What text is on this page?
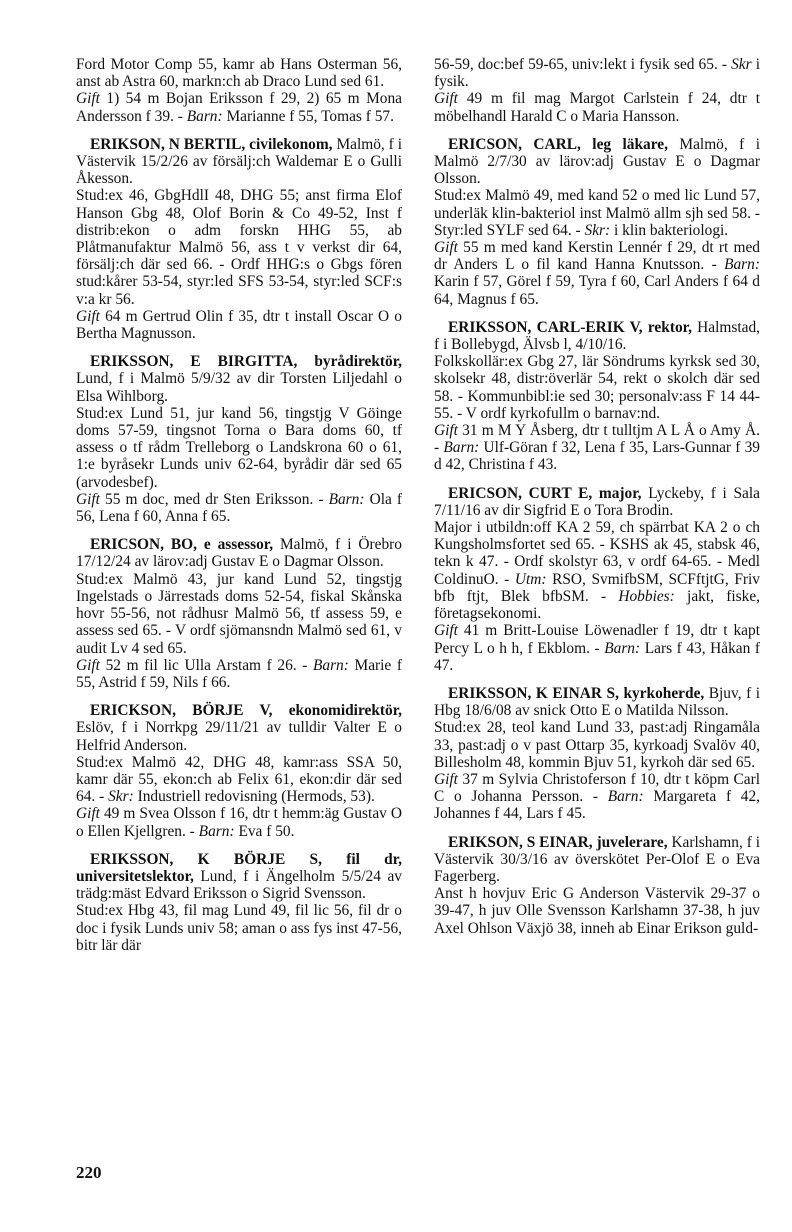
Ford Motor Comp 55, kamr ab Hans Osterman 56, anst ab Astra 60, markn:ch ab Draco Lund sed 61.

Gift 1) 54 m Bojan Eriksson f 29, 2) 65 m Mona Andersson f 39. - Barn: Marianne f 55, Tomas f 57.

ERIKSON, N BERTIL, civilekonom, Malmö, f i Västervik 15/2/26 av försälj:ch Waldemar E o Gulli Åkesson.

Stud:ex 46, GbgHdlI 48, DHG 55; anst firma Elof Hanson Gbg 48, Olof Borin & Co 49-52, Inst f distrib:ekon o adm forskn HHG 55, ab Plåtmanufaktur Malmö 56, ass t v verkst dir 64, försälj:ch där sed 66. - Ordf HHG:s o Gbgs fören stud:kårer 53-54, styr:led SFS 53-54, styr:led SCF:s v:a kr 56.

Gift 64 m Gertrud Olin f 35, dtr t install Oscar O o Bertha Magnusson.

ERIKSSON, E BIRGITTA, byrådirektör, Lund, f i Malmö 5/9/32 av dir Torsten Liljedahl o Elsa Wihlborg.

Stud:ex Lund 51, jur kand 56, tingstjg V Göinge doms 57-59, tingsnot Torna o Bara doms 60, tf assess o tf rådm Trelleborg o Landskrona 60 o 61, 1:e byråsekr Lunds univ 62-64, byrådir där sed 65 (arvodesbef).

Gift 55 m doc, med dr Sten Eriksson. - Barn: Ola f 56, Lena f 60, Anna f 65.

ERICSON, BO, e assessor, Malmö, f i Örebro 17/12/24 av lärov:adj Gustav E o Dagmar Olsson.

Stud:ex Malmö 43, jur kand Lund 52, tingstjg Ingelstads o Järrestads doms 52-54, fiskal Skånska hovr 55-56, not rådhusr Malmö 56, tf assess 59, e assess sed 65. - V ordf sjömansndn Malmö sed 61, v audit Lv 4 sed 65.

Gift 52 m fil lic Ulla Arstam f 26. - Barn: Marie f 55, Astrid f 59, Nils f 66.

ERICKSON, BÖRJE V, ekonomidirektör, Eslöv, f i Norrkpg 29/11/21 av tulldir Valter E o Helfrid Anderson.

Stud:ex Malmö 42, DHG 48, kamr:ass SSA 50, kamr där 55, ekon:ch ab Felix 61, ekon:dir där sed 64. - Skr: Industriell redovisning (Hermods, 53).

Gift 49 m Svea Olsson f 16, dtr t hemm:äg Gustav O o Ellen Kjellgren. - Barn: Eva f 50.

ERIKSSON, K BÖRJE S, fil dr, universitetslektor, Lund, f i Ängelholm 5/5/24 av trädg:mäst Edvard Eriksson o Sigrid Svensson.

Stud:ex Hbg 43, fil mag Lund 49, fil lic 56, fil dr o doc i fysik Lunds univ 58; aman o ass fys inst 47-56, bitr lär där

56-59, doc:bef 59-65, univ:lekt i fysik sed 65. - Skr i fysik.

Gift 49 m fil mag Margot Carlstein f 24, dtr t möbelhandl Harald C o Maria Hansson.

ERICSON, CARL, leg läkare, Malmö, f i Malmö 2/7/30 av lärov:adj Gustav E o Dagmar Olsson.

Stud:ex Malmö 49, med kand 52 o med lic Lund 57, underläk klin-bakteriol inst Malmö allm sjh sed 58. - Styr:led SYLF sed 64. - Skr: i klin bakteriologi.

Gift 55 m med kand Kerstin Lennér f 29, dt rt med dr Anders L o fil kand Hanna Knutsson. - Barn: Karin f 57, Görel f 59, Tyra f 60, Carl Anders f 64 d 64, Magnus f 65.

ERIKSSON, CARL-ERIK V, rektor, Halmstad, f i Bollebygd, Älvsb l, 4/10/16.

Folkskollär:ex Gbg 27, lär Söndrums kyrksk sed 30, skolsekr 48, distr:överlär 54, rekt o skolch där sed 58. - Kommunbibl:ie sed 30; personalv:ass F 14 44-55. - V ordf kyrkofullm o barnav:nd.

Gift 31 m M Y Åsberg, dtr t tulltjm A L Å o Amy Å. - Barn: Ulf-Göran f 32, Lena f 35, Lars-Gunnar f 39 d 42, Christina f 43.

ERICSON, CURT E, major, Lyckeby, f i Sala 7/11/16 av dir Sigfrid E o Tora Brodin.

Major i utbildn:off KA 2 59, ch spärrbat KA 2 o ch Kungsholmsfortet sed 65. - KSHS ak 45, stabsk 46, tekn k 47. - Ordf skolstyr 63, v ordf 64-65. - Medl ColdinuO. - Utm: RSO, SvmifbSM, SCFftjtG, Friv bfb ftjt, Blek bfbSM. - Hobbies: jakt, fiske, företagsekonomi.

Gift 41 m Britt-Louise Löwenadler f 19, dtr t kapt Percy L o h h, f Ekblom. - Barn: Lars f 43, Håkan f 47.

ERIKSSON, K EINAR S, kyrkoherde, Bjuv, f i Hbg 18/6/08 av snick Otto E o Matilda Nilsson.

Stud:ex 28, teol kand Lund 33, past:adj Ringamåla 33, past:adj o v past Ottarp 35, kyrkoadj Svalöv 40, Billesholm 48, kommin Bjuv 51, kyrkoh där sed 65.

Gift 37 m Sylvia Christoferson f 10, dtr t köpm Carl C o Johanna Persson. - Barn: Margareta f 42, Johannes f 44, Lars f 45.

ERIKSON, S EINAR, juvelerare, Karlshamn, f i Västervik 30/3/16 av överskötet Per-Olof E o Eva Fagerberg.

Anst h hovjuv Eric G Anderson Västervik 29-37 o 39-47, h juv Olle Svensson Karlshamn 37-38, h juv Axel Ohlson Växjö 38, inneh ab Einar Erikson guld-

220
